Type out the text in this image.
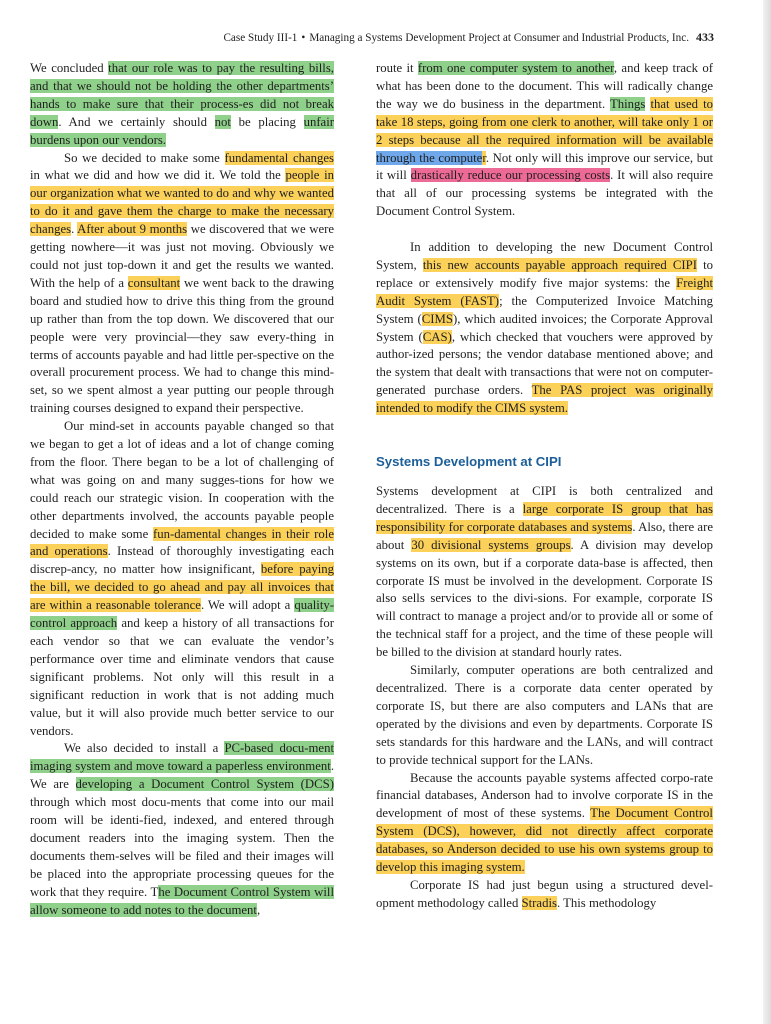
Case Study III-1 • Managing a Systems Development Project at Consumer and Industrial Products, Inc. 433

We concluded that our role was to pay the resulting bills, and that we should not be holding the other departments’ hands to make sure that their process-es did not break down. And we certainly should not be placing unfair burdens upon our vendors.

So we decided to make some fundamental changes in what we did and how we did it. We told the people in our organization what we wanted to do and why we wanted to do it and gave them the charge to make the necessary changes. After about 9 months we discovered that we were getting nowhere—it was just not moving. Obviously we could not just top-down it and get the results we wanted. With the help of a consultant we went back to the drawing board and studied how to drive this thing from the ground up rather than from the top down. We discovered that our people were very provincial—they saw every-thing in terms of accounts payable and had little per-spective on the overall procurement process. We had to change this mind-set, so we spent almost a year putting our people through training courses designed to expand their perspective.

Our mind-set in accounts payable changed so that we began to get a lot of ideas and a lot of change coming from the floor. There began to be a lot of challenging of what was going on and many sugges-tions for how we could reach our strategic vision. In cooperation with the other departments involved, the accounts payable people decided to make some fun-damental changes in their role and operations. Instead of thoroughly investigating each discrep-ancy, no matter how insignificant, before paying the bill, we decided to go ahead and pay all invoices that are within a reasonable tolerance. We will adopt a quality-control approach and keep a history of all transactions for each vendor so that we can evaluate the vendor’s performance over time and eliminate vendors that cause significant problems. Not only will this result in a significant reduction in work that is not adding much value, but it will also provide much better service to our vendors.

We also decided to install a PC-based docu-ment imaging system and move toward a paperless environment. We are developing a Document Control System (DCS) through which most docu-ments that come into our mail room will be identi-fied, indexed, and entered through document readers into the imaging system. Then the documents them-selves will be filed and their images will be placed into the appropriate processing queues for the work that they require. The Document Control System will allow someone to add notes to the document,

route it from one computer system to another, and keep track of what has been done to the document. This will radically change the way we do business in the department. Things that used to take 18 steps, going from one clerk to another, will take only 1 or 2 steps because all the required information will be available through the computer. Not only will this improve our service, but it will drastically reduce our processing costs. It will also require that all of our processing systems be integrated with the Document Control System.

In addition to developing the new Document Control System, this new accounts payable approach required CIPI to replace or extensively modify five major systems: the Freight Audit System (FAST); the Computerized Invoice Matching System (CIMS), which audited invoices; the Corporate Approval System (CAS), which checked that vouchers were approved by author-ized persons; the vendor database mentioned above; and the system that dealt with transactions that were not on computer-generated purchase orders. The PAS project was originally intended to modify the CIMS system.

Systems Development at CIPI

Systems development at CIPI is both centralized and decentralized. There is a large corporate IS group that has responsibility for corporate databases and systems. Also, there are about 30 divisional systems groups. A division may develop systems on its own, but if a corporate data-base is affected, then corporate IS must be involved in the development. Corporate IS also sells services to the divi-sions. For example, corporate IS will contract to manage a project and/or to provide all or some of the technical staff for a project, and the time of these people will be billed to the division at standard hourly rates.

Similarly, computer operations are both centralized and decentralized. There is a corporate data center operated by corporate IS, but there are also computers and LANs that are operated by the divisions and even by departments. Corporate IS sets standards for this hardware and the LANs, and will contract to provide technical support for the LANs.

Because the accounts payable systems affected corpo-rate financial databases, Anderson had to involve corporate IS in the development of most of these systems. The Document Control System (DCS), however, did not directly affect corporate databases, so Anderson decided to use his own systems group to develop this imaging system.

Corporate IS had just begun using a structured devel-opment methodology called Stradis. This methodology
